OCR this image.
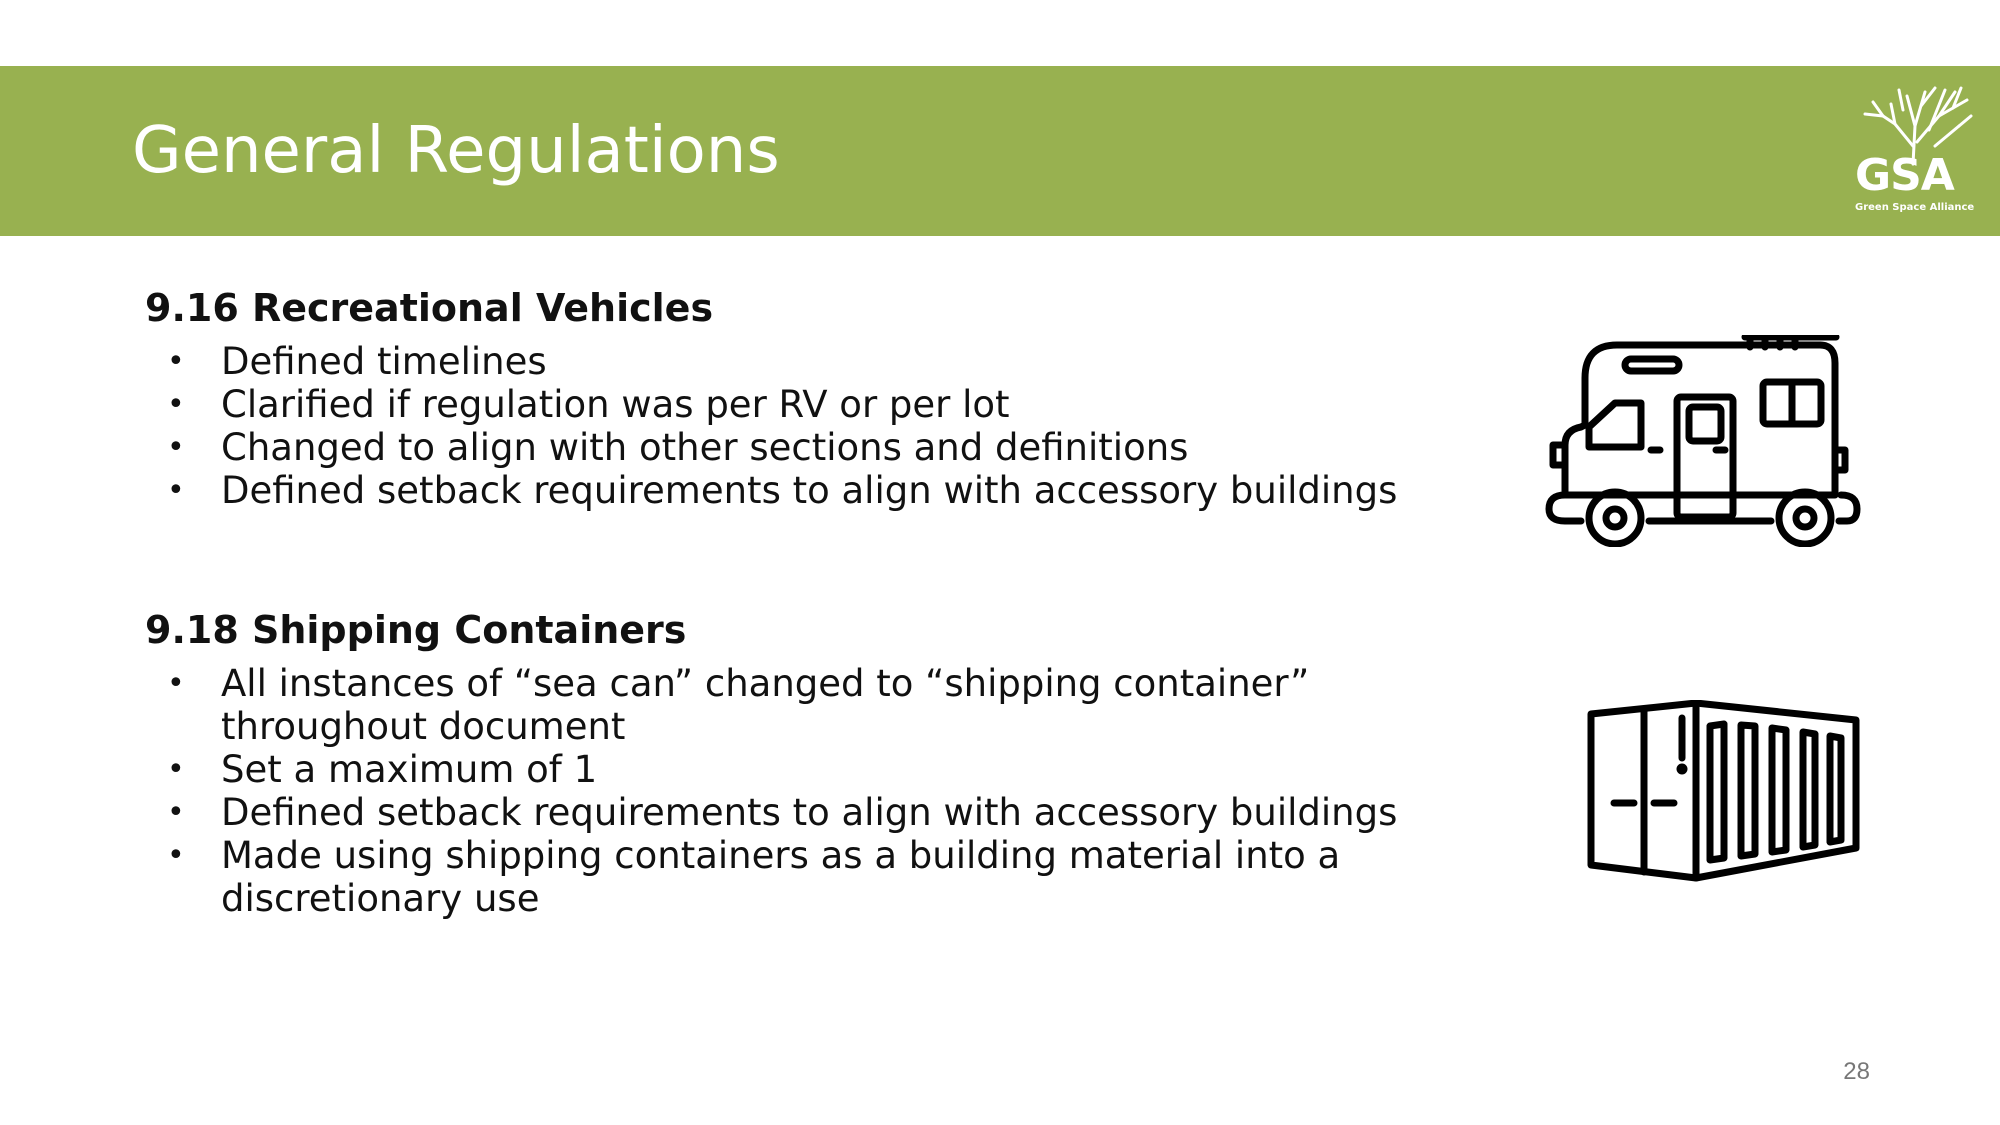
General Regulations	GSA
Green Space Alliance
9.16 Recreational Vehicles
• Defined timelines
• Clarified if regulation was per RV or per lot
• Changed to align with other sections and definitions
• Defined setback requirements to align with accessory buildings
9.18 Shipping Containers
• All instances of “sea can” changed to “shipping container”
throughout document
• Set a maximum of 1
• Defined setback requirements to align with accessory buildings
• Made using shipping containers as a building material into a
discretionary use
28
